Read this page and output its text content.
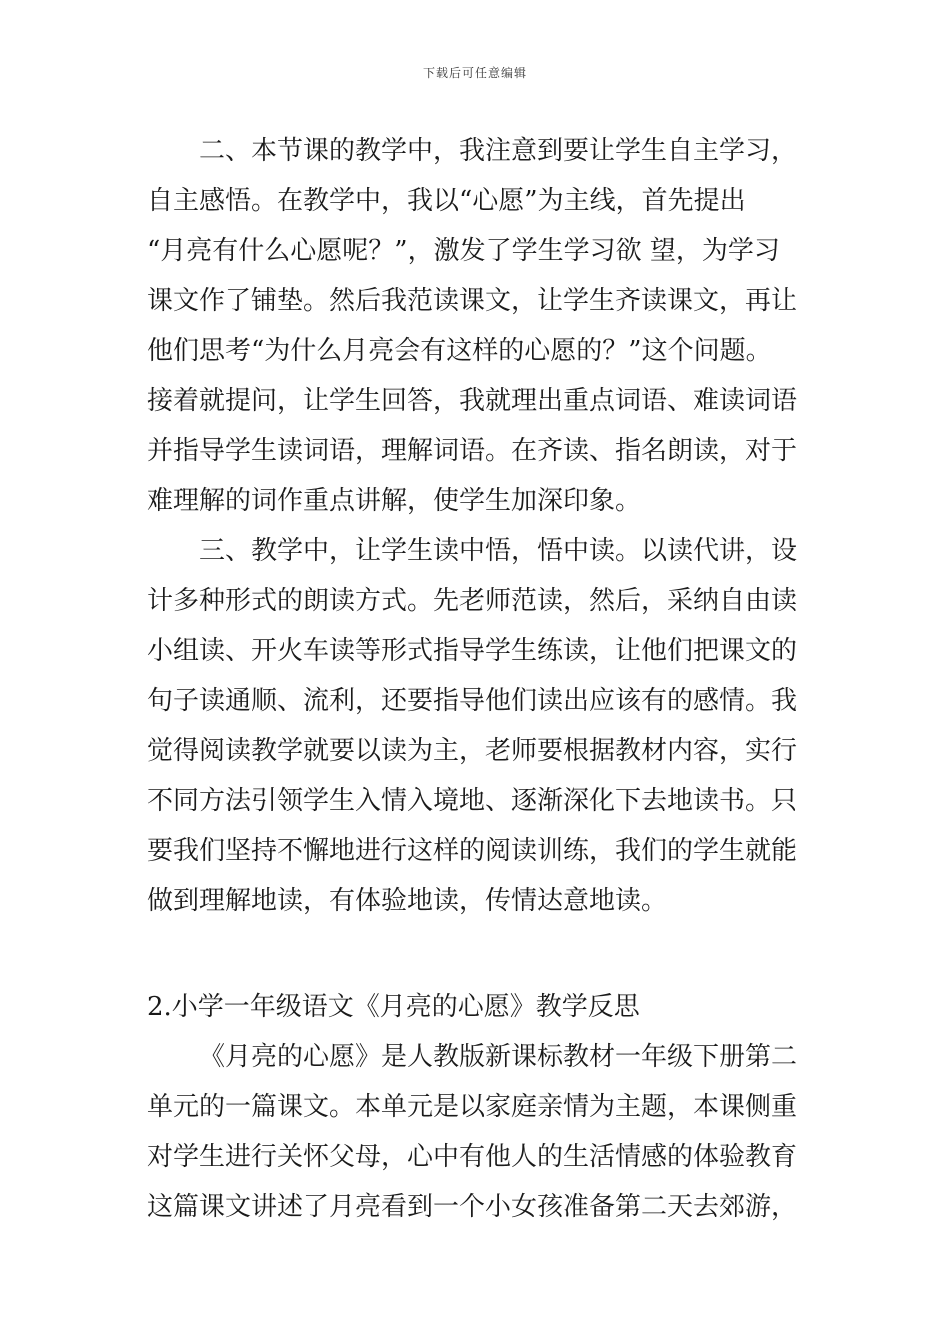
下载后可任意编辑
二、本节课的教学中，我注意到要让学生自主学习，
自主感悟。在教学中，我以“心愿”为主线，首先提出
“月亮有什么心愿呢？”，激发了学生学习欲 望，为学习
课文作了铺垫。然后我范读课文，让学生齐读课文，再让
他们思考“为什么月亮会有这样的心愿的？”这个问题。
接着就提问，让学生回答，我就理出重点词语、难读词语
并指导学生读词语，理解词语。在齐读、指名朗读，对于
难理解的词作重点讲解，使学生加深印象。
三、教学中，让学生读中悟，悟中读。以读代讲，设
计多种形式的朗读方式。先老师范读，然后，采纳自由读
小组读、开火车读等形式指导学生练读，让他们把课文的
句子读通顺、流利，还要指导他们读出应该有的感情。我
觉得阅读教学就要以读为主，老师要根据教材内容，实行
不同方法引领学生入情入境地、逐渐深化下去地读书。只
要我们坚持不懈地进行这样的阅读训练，我们的学生就能
做到理解地读，有体验地读，传情达意地读。
2.小学一年级语文《月亮的心愿》教学反思
《月亮的心愿》是人教版新课标教材一年级下册第二
单元的一篇课文。本单元是以家庭亲情为主题，本课侧重
对学生进行关怀父母，心中有他人的生活情感的体验教育
这篇课文讲述了月亮看到一个小女孩准备第二天去郊游，
